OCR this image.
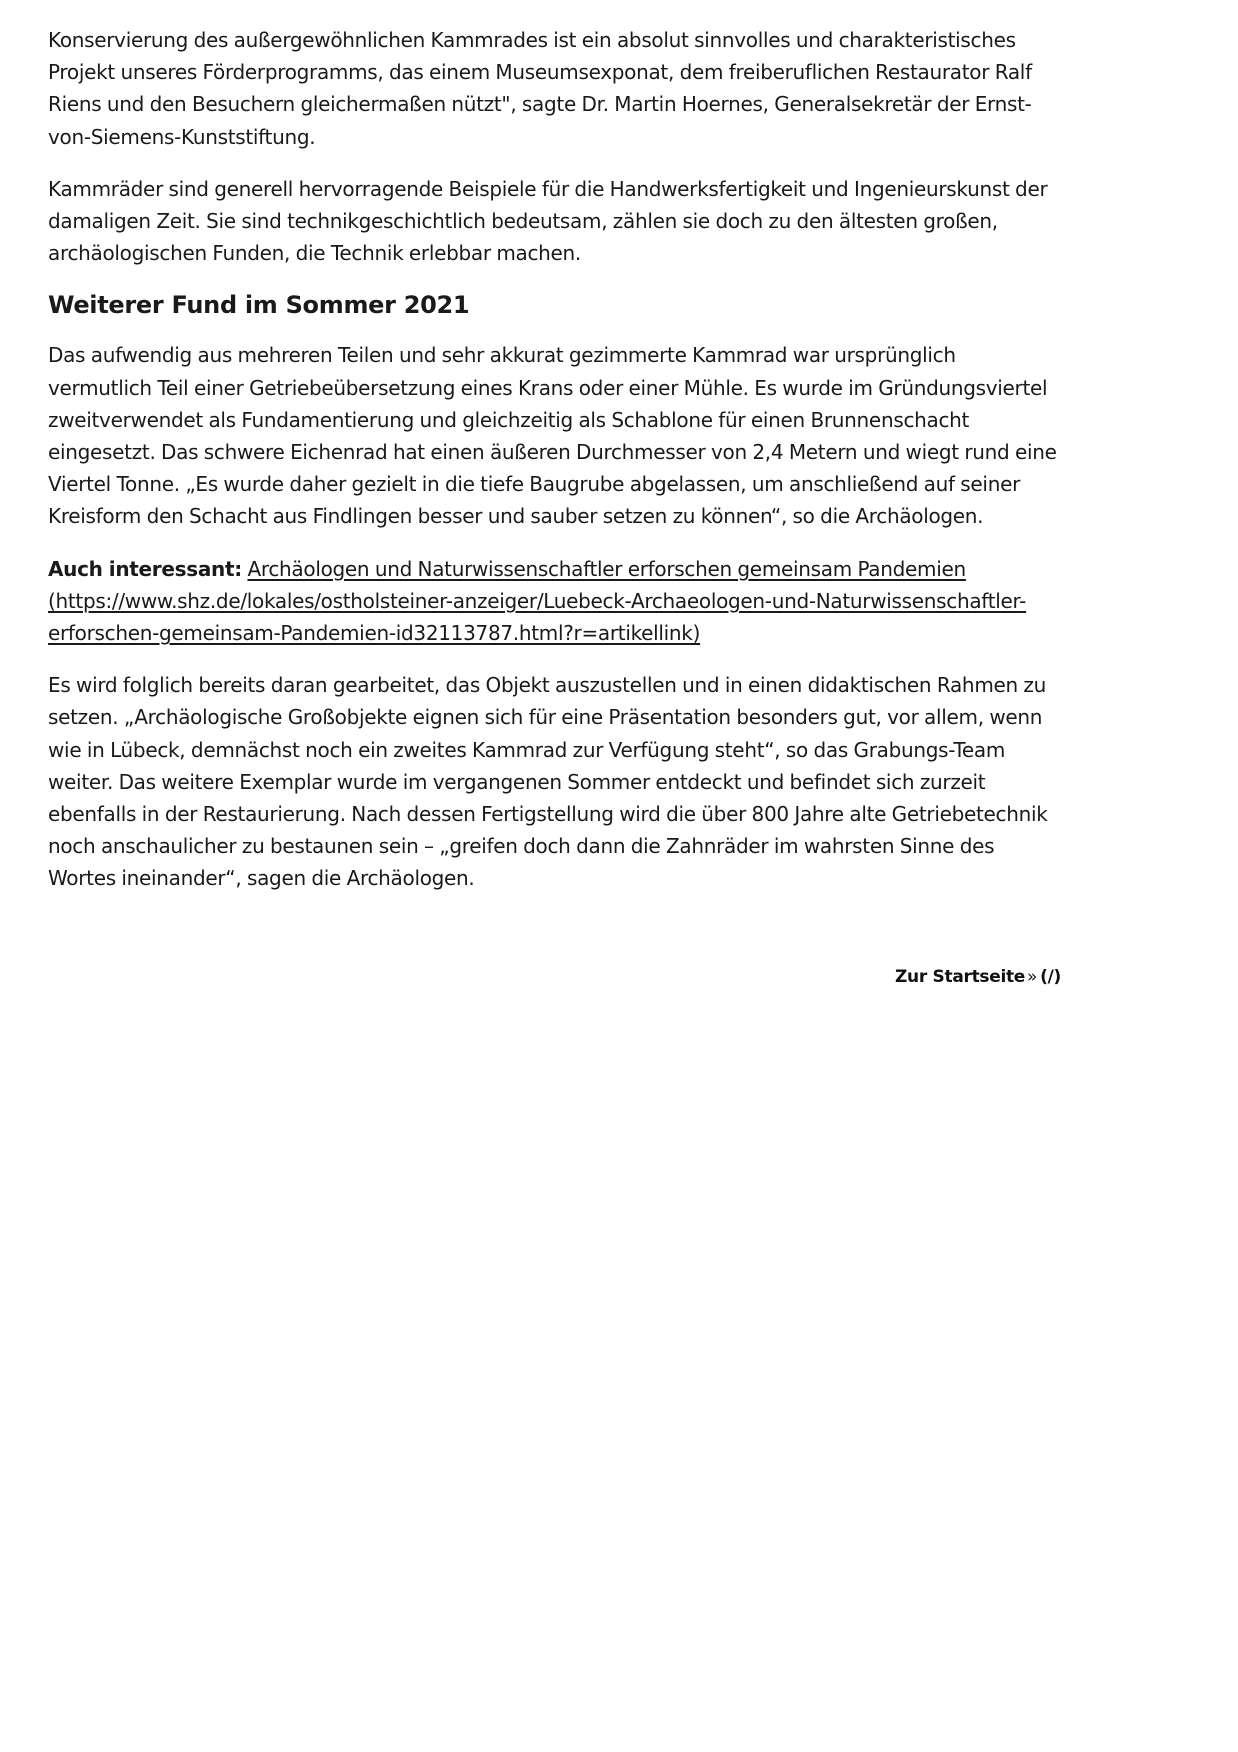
Konservierung des außergewöhnlichen Kammrades ist ein absolut sinnvolles und charakteristisches Projekt unseres Förderprogramms, das einem Museumsexponat, dem freiberuflichen Restaurator Ralf Riens und den Besuchern gleichermaßen nützt", sagte Dr. Martin Hoernes, Generalsekretär der Ernst-von-Siemens-Kunststiftung.

Kammräder sind generell hervorragende Beispiele für die Handwerksfertigkeit und Ingenieurskunst der damaligen Zeit. Sie sind technikgeschichtlich bedeutsam, zählen sie doch zu den ältesten großen, archäologischen Funden, die Technik erlebbar machen.

Weiterer Fund im Sommer 2021

Das aufwendig aus mehreren Teilen und sehr akkurat gezimmerte Kammrad war ursprünglich vermutlich Teil einer Getriebeübersetzung eines Krans oder einer Mühle. Es wurde im Gründungsviertel zweitverwendet als Fundamentierung und gleichzeitig als Schablone für einen Brunnenschacht eingesetzt. Das schwere Eichenrad hat einen äußeren Durchmesser von 2,4 Metern und wiegt rund eine Viertel Tonne. „Es wurde daher gezielt in die tiefe Baugrube abgelassen, um anschließend auf seiner Kreisform den Schacht aus Findlingen besser und sauber setzen zu können“, so die Archäologen.

Auch interessant: Archäologen und Naturwissenschaftler erforschen gemeinsam Pandemien (https://www.shz.de/lokales/ostholsteiner-anzeiger/Luebeck-Archaeologen-und-Naturwissenschaftler-erforschen-gemeinsam-Pandemien-id32113787.html?r=artikellink)

Es wird folglich bereits daran gearbeitet, das Objekt auszustellen und in einen didaktischen Rahmen zu setzen. „Archäologische Großobjekte eignen sich für eine Präsentation besonders gut, vor allem, wenn wie in Lübeck, demnächst noch ein zweites Kammrad zur Verfügung steht“, so das Grabungs-Team weiter. Das weitere Exemplar wurde im vergangenen Sommer entdeckt und befindet sich zurzeit ebenfalls in der Restaurierung. Nach dessen Fertigstellung wird die über 800 Jahre alte Getriebetechnik noch anschaulicher zu bestaunen sein – „greifen doch dann die Zahnräder im wahrsten Sinne des Wortes ineinander“, sagen die Archäologen.

Zur Startseite » (/)
